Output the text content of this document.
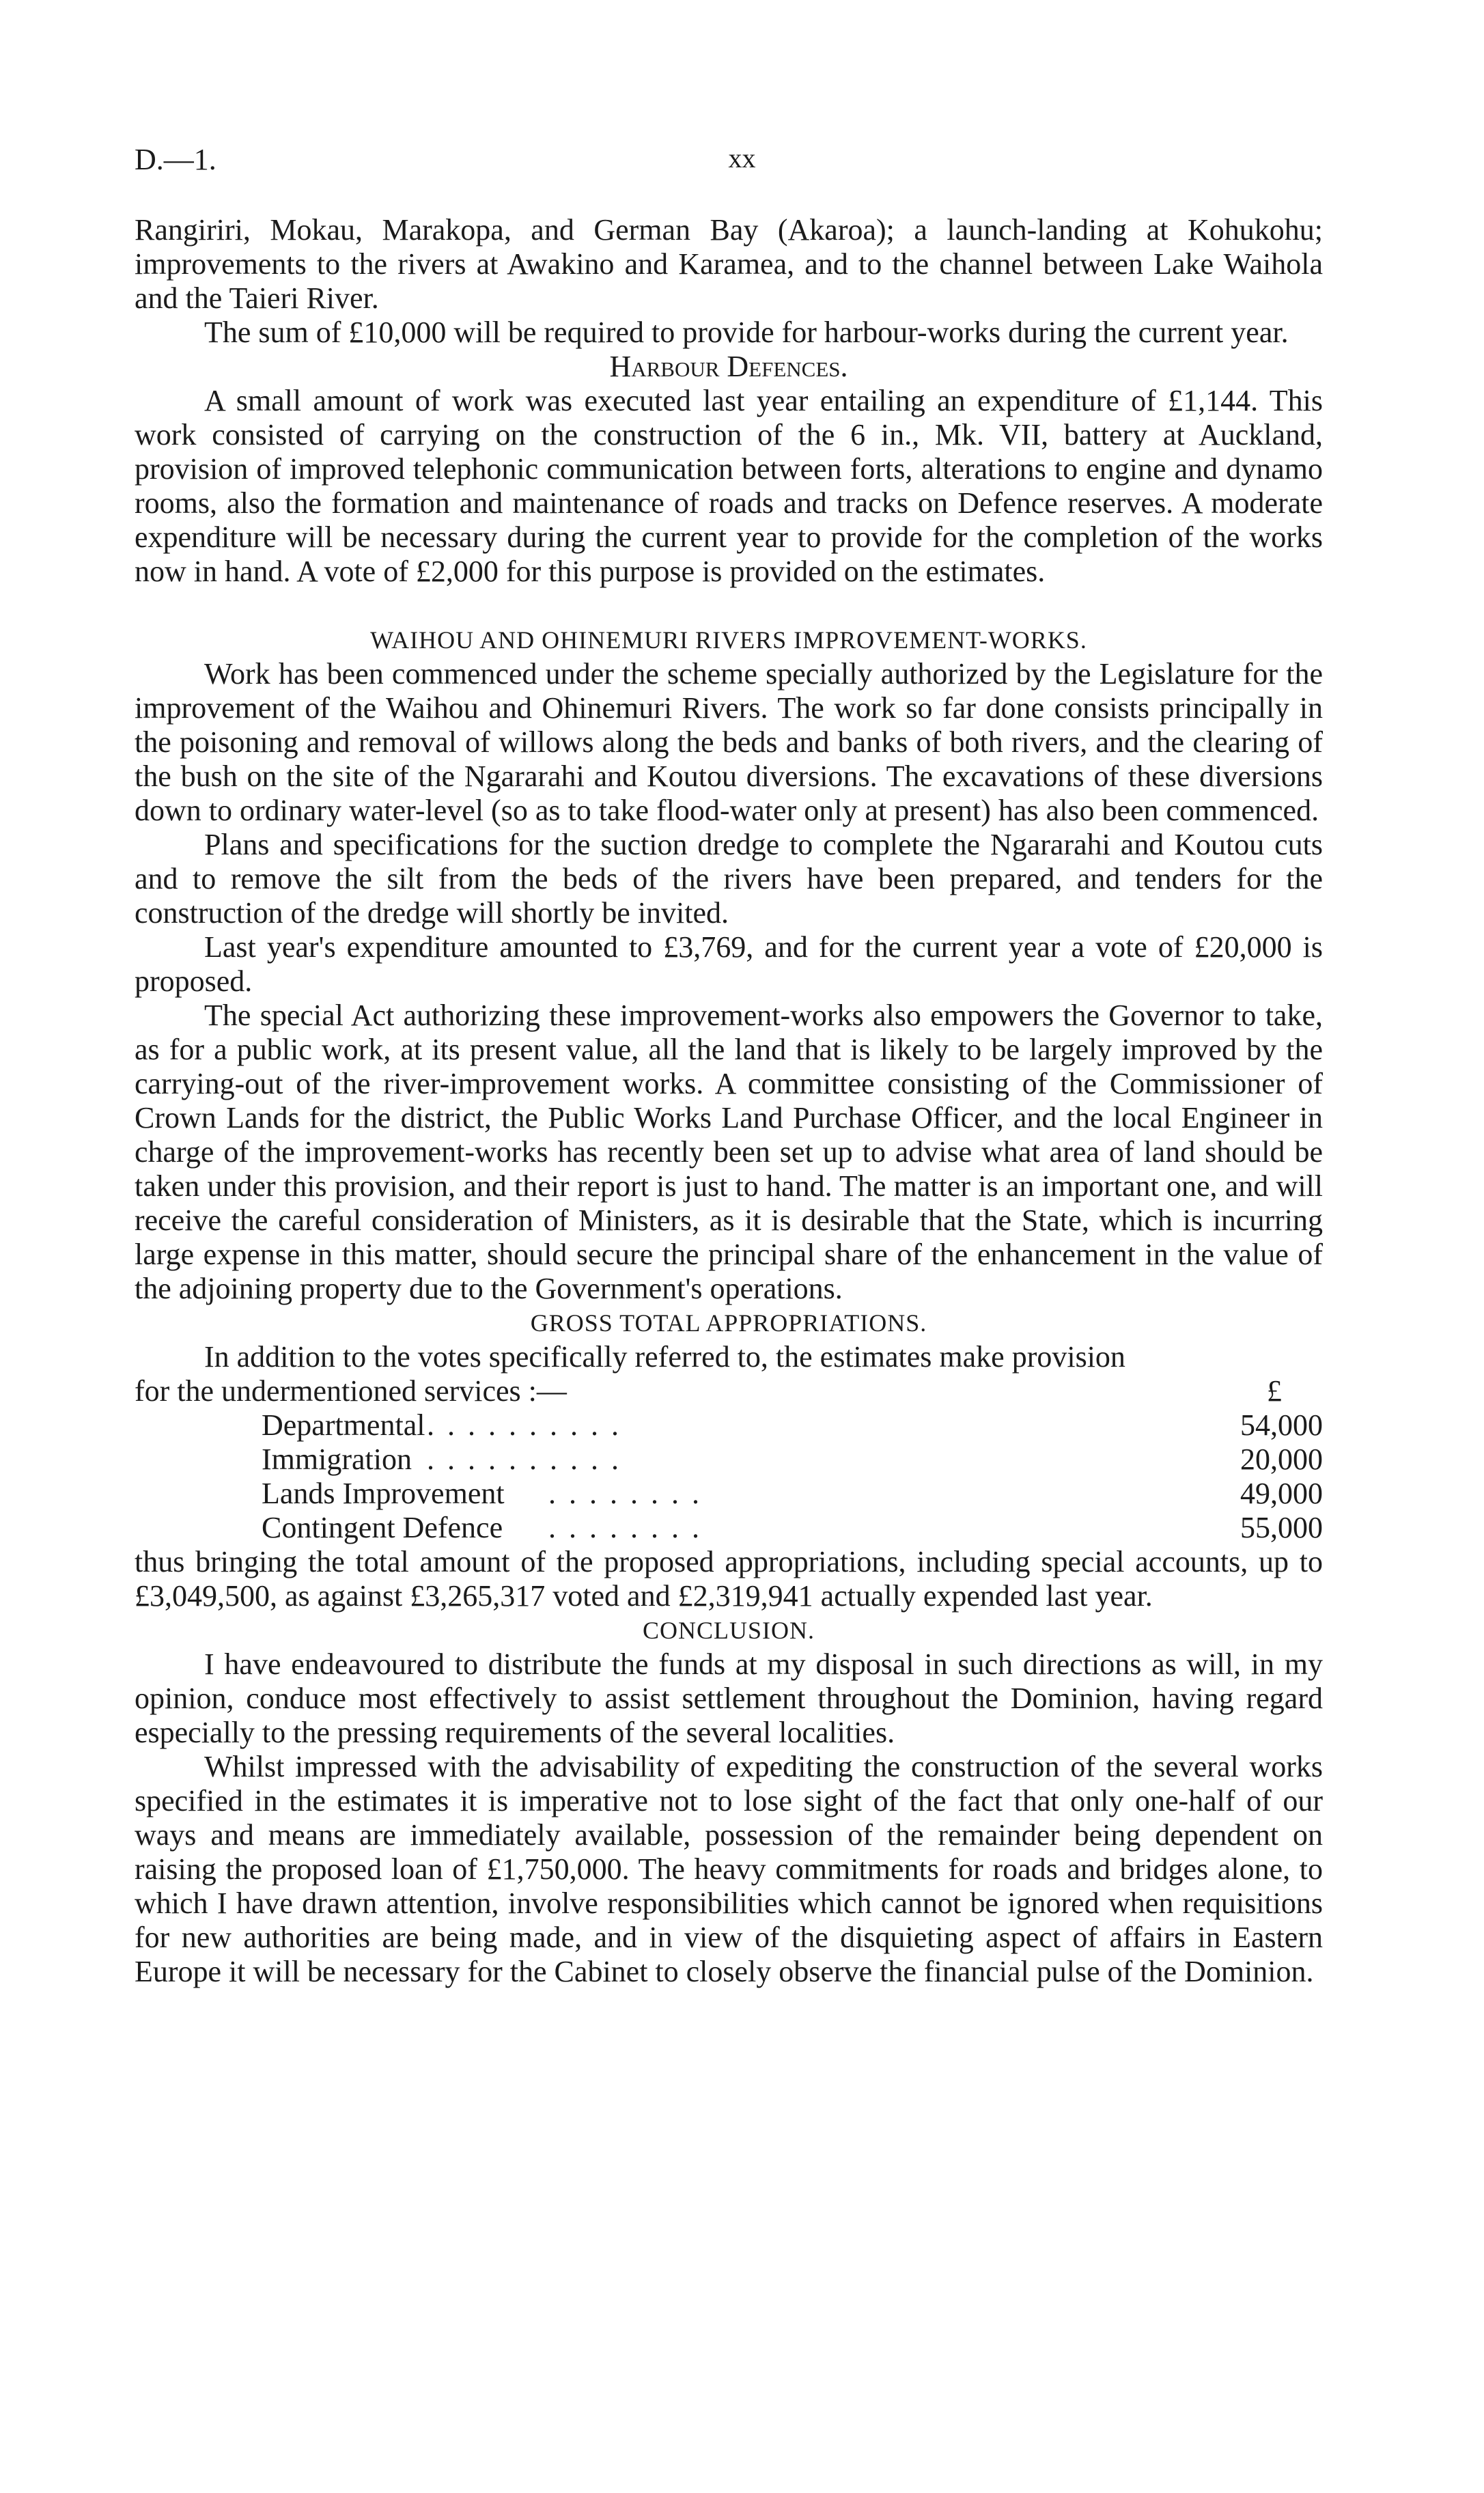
D.—1.	xx

Rangiriri, Mokau, Marakopa, and German Bay (Akaroa); a launch-landing at Kohukohu; improvements to the rivers at Awakino and Karamea, and to the channel between Lake Waihola and the Taieri River.

The sum of £10,000 will be required to provide for harbour-works during the current year.

Harbour Defences.

A small amount of work was executed last year entailing an expenditure of £1,144. This work consisted of carrying on the construction of the 6 in., Mk. VII, battery at Auckland, provision of improved telephonic communication between forts, alterations to engine and dynamo rooms, also the formation and maintenance of roads and tracks on Defence reserves. A moderate expenditure will be necessary during the current year to provide for the completion of the works now in hand. A vote of £2,000 for this purpose is provided on the estimates.

WAIHOU AND OHINEMURI RIVERS IMPROVEMENT-WORKS.

Work has been commenced under the scheme specially authorized by the Legislature for the improvement of the Waihou and Ohinemuri Rivers. The work so far done consists principally in the poisoning and removal of willows along the beds and banks of both rivers, and the clearing of the bush on the site of the Ngararahi and Koutou diversions. The excavations of these diversions down to ordinary water-level (so as to take flood-water only at present) has also been commenced.

Plans and specifications for the suction dredge to complete the Ngararahi and Koutou cuts and to remove the silt from the beds of the rivers have been prepared, and tenders for the construction of the dredge will shortly be invited.

Last year's expenditure amounted to £3,769, and for the current year a vote of £20,000 is proposed.

The special Act authorizing these improvement-works also empowers the Governor to take, as for a public work, at its present value, all the land that is likely to be largely improved by the carrying-out of the river-improvement works. A committee consisting of the Commissioner of Crown Lands for the district, the Public Works Land Purchase Officer, and the local Engineer in charge of the improvement-works has recently been set up to advise what area of land should be taken under this provision, and their report is just to hand. The matter is an important one, and will receive the careful consideration of Ministers, as it is desirable that the State, which is incurring large expense in this matter, should secure the principal share of the enhancement in the value of the adjoining property due to the Government's operations.

GROSS TOTAL APPROPRIATIONS.

In addition to the votes specifically referred to, the estimates make provision

for the undermentioned services :—	£
Departmental . . . . . . . . . .	54,000
Immigration . . . . . . . . . .	20,000
Lands Improvement	. . . . . . . .	49,000
Contingent Defence	. . . . . . . .	55,000

thus bringing the total amount of the proposed appropriations, including special accounts, up to £3,049,500, as against £3,265,317 voted and £2,319,941 actually expended last year.

CONCLUSION.

I have endeavoured to distribute the funds at my disposal in such directions as will, in my opinion, conduce most effectively to assist settlement throughout the Dominion, having regard especially to the pressing requirements of the several localities.

Whilst impressed with the advisability of expediting the construction of the several works specified in the estimates it is imperative not to lose sight of the fact that only one-half of our ways and means are immediately available, possession of the remainder being dependent on raising the proposed loan of £1,750,000. The heavy commitments for roads and bridges alone, to which I have drawn attention, involve responsibilities which cannot be ignored when requisitions for new authorities are being made, and in view of the disquieting aspect of affairs in Eastern Europe it will be necessary for the Cabinet to closely observe the financial pulse of the Dominion.
